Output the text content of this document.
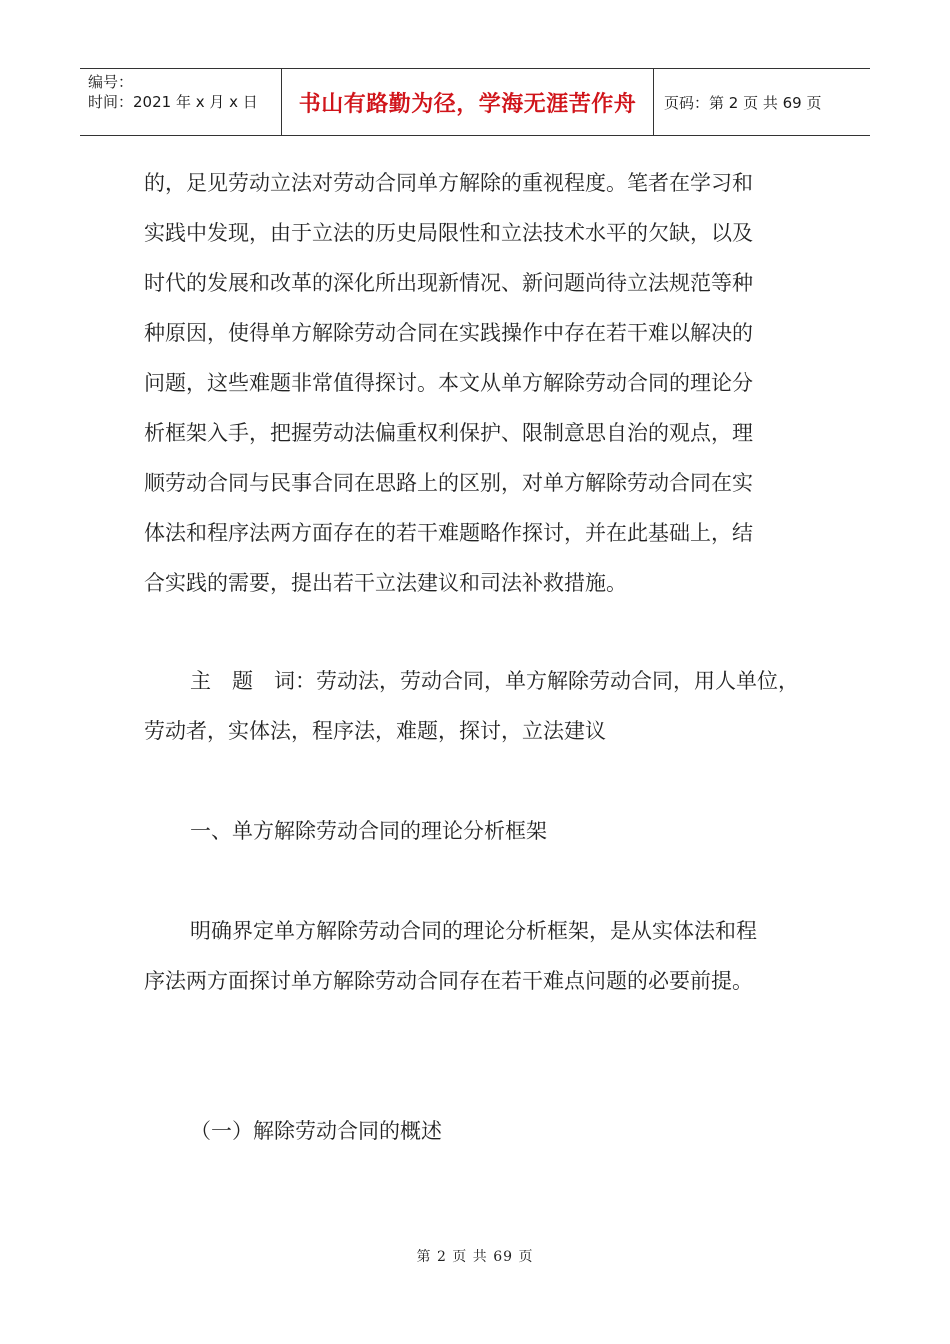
编号：
时间：2021 年 x 月 x 日	书山有路勤为径，学海无涯苦作舟 页码：第 2 页 共 69 页

的，足见劳动立法对劳动合同单方解除的重视程度。笔者在学习和
实践中发现，由于立法的历史局限性和立法技术水平的欠缺，以及
时代的发展和改革的深化所出现新情况、新问题尚待立法规范等种
种原因，使得单方解除劳动合同在实践操作中存在若干难以解决的
问题，这些难题非常值得探讨。本文从单方解除劳动合同的理论分
析框架入手，把握劳动法偏重权利保护、限制意思自治的观点，理
顺劳动合同与民事合同在思路上的区别，对单方解除劳动合同在实
体法和程序法两方面存在的若干难题略作探讨，并在此基础上，结
合实践的需要，提出若干立法建议和司法补救措施。

主　题　词：劳动法，劳动合同，单方解除劳动合同，用人单位，
劳动者，实体法，程序法，难题，探讨，立法建议

一、单方解除劳动合同的理论分析框架

明确界定单方解除劳动合同的理论分析框架，是从实体法和程
序法两方面探讨单方解除劳动合同存在若干难点问题的必要前提。

（一）解除劳动合同的概述
第 2 页 共 69 页
